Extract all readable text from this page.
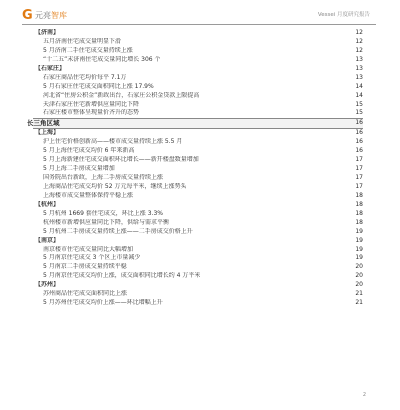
G 元亮智库	Vessei 月度研究报告
【济南】	12
五月济南住宅成交量明显下滑	12
5 月济南二手住宅成交量持续上涨	12
“十二五”末济南住宅成交量同比增长 306 个	13
【石家庄】	13
石家庄商品住宅均价每平 7.1万	13
5 月石家庄住宅成交面积同比上涨 17.9%	14
河北省“住房公积金”新政出台，石家庄公积金贷款上限提高	14
天津石家庄住宅新增供应量同比下降	15
石家庄楼市整体呈现量价齐升的态势	15
长三角区域	16
【上海】	16
沪上住宅价格创新高——楼市成交量持续上涨 5.5 月	16
5 月上海住宅成交均价 6 年来新高	16
5 月上海新建住宅成交面积环比增长——新开楼盘数量增加	17
5 月上海二手房成交量增加	17
国务院出台新政，上海二手房成交量持续上涨	17
上海商品住宅成交均价 52 万元每平米，继续上涨势头	17
上海楼市成交量整体保持平稳上涨	18
【杭州】	18
5 月杭州 1669 套住宅成交，环比上涨 3.3%	18
杭州楼市新增供应量同比下降，供给与需求平衡	18
5 月杭州二手房成交量持续上涨——二手房成交价格上升	19
【南京】	19
南京楼市住宅成交量同比大幅增加	19
5 月南京住宅成交 3 个区上市量减少	19
5 月南京二手房成交量持续平稳	20
5 月南京住宅成交均价上涨，成交面积同比增长约 4 万平米	20
【苏州】	20
苏州商品住宅成交面积同比上涨	21
5 月苏州住宅成交均价上涨——环比增幅上升	21
2
